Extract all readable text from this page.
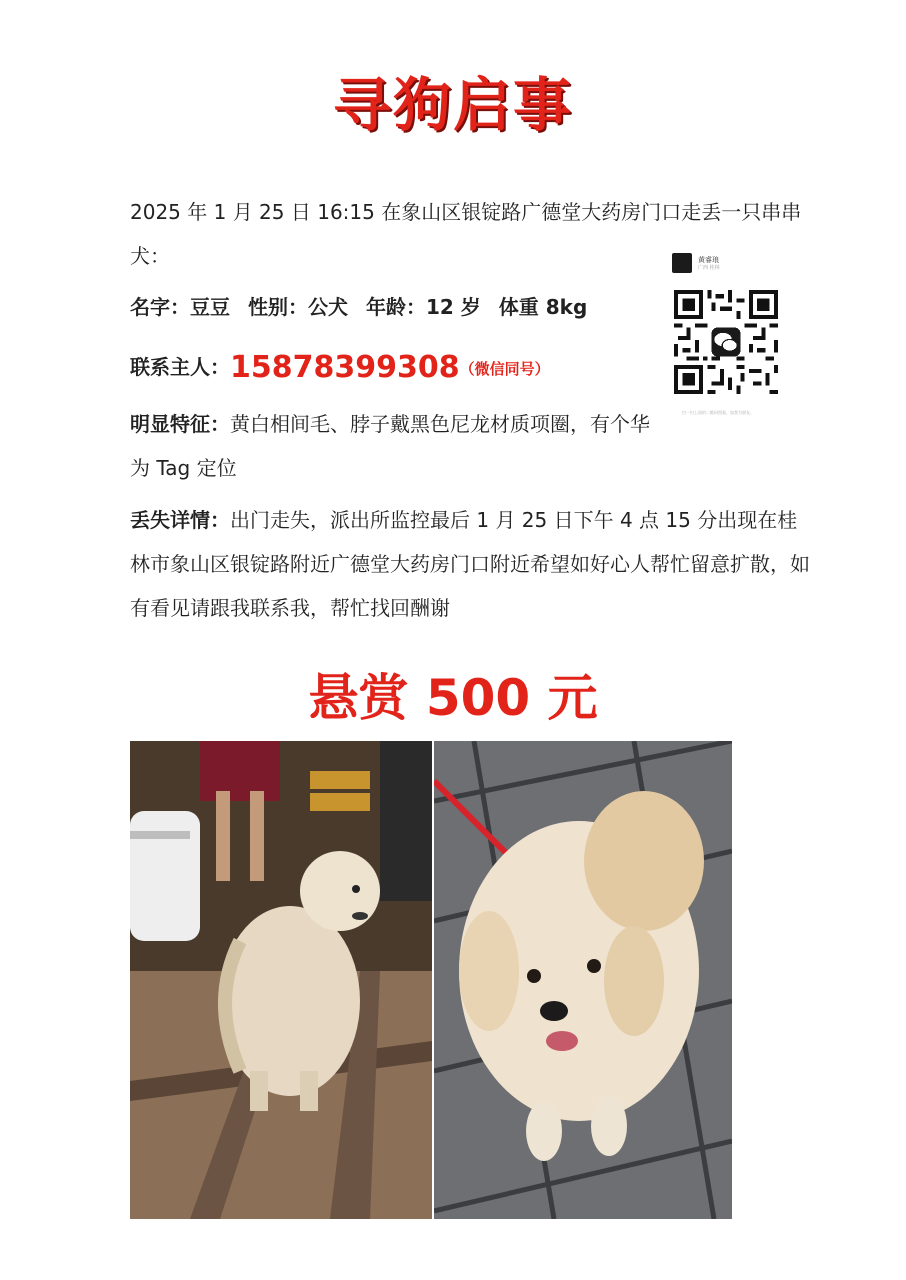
寻狗启事
2025 年 1 月 25 日 16:15 在象山区银锭路广德堂大药房门口走丢一只串串犬：
名字：豆豆 性别：公犬 年龄：12 岁 体重 8kg
联系主人：15878399308（微信同号）
明显特征：黄白相间毛、脖子戴黑色尼龙材质项圈，有个华为 Tag 定位
丢失详情：出门走失，派出所监控最后 1 月 25 日下午 4 点 15 分出现在桂林市象山区银锭路附近广德堂大药房门口附近希望如好心人帮忙留意扩散，如有看见请跟我联系我，帮忙找回酬谢
黄睿琅
广西 桂林
扫一扫上面的二维码图案，加我为朋友。
悬赏 500 元
